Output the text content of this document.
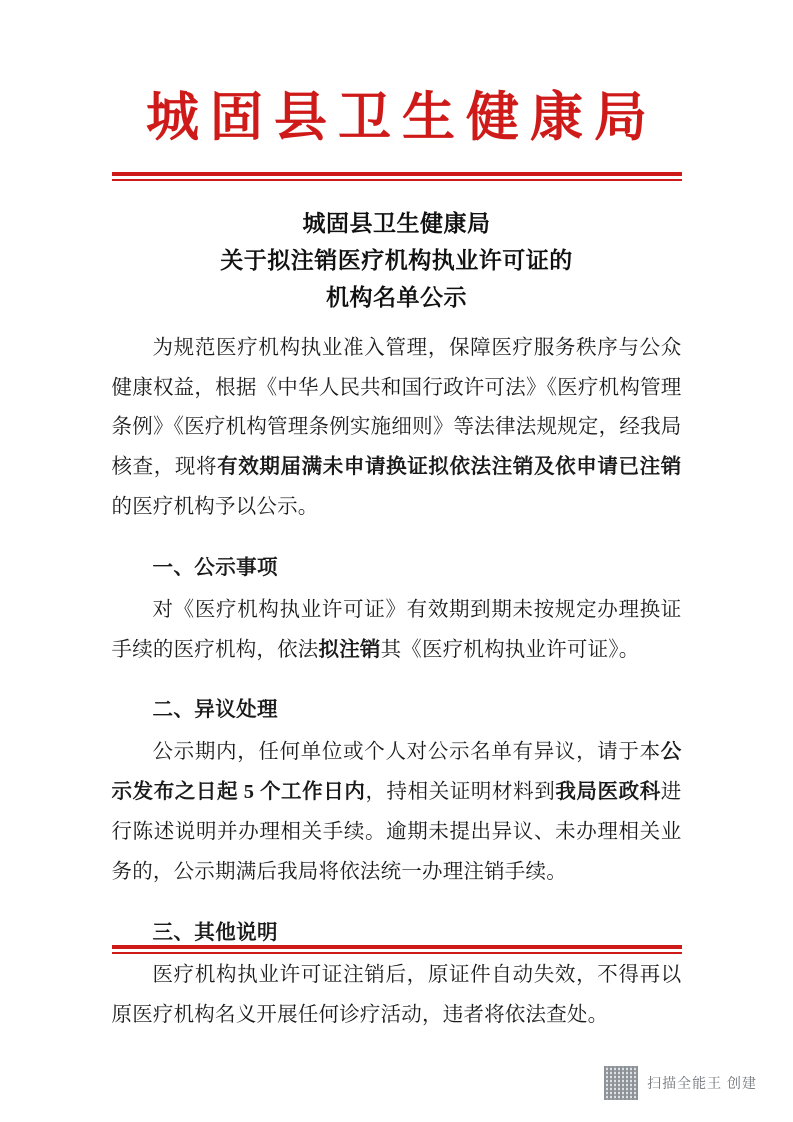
城固县卫生健康局
城固县卫生健康局
关于拟注销医疗机构执业许可证的
机构名单公示

为规范医疗机构执业准入管理，保障医疗服务秩序与公众健康权益，根据《中华人民共和国行政许可法》《医疗机构管理条例》《医疗机构管理条例实施细则》等法律法规规定，经我局核查，现将有效期届满未申请换证拟依法注销及依申请已注销的医疗机构予以公示。

一、公示事项

对《医疗机构执业许可证》有效期到期未按规定办理换证手续的医疗机构，依法拟注销其《医疗机构执业许可证》。

二、异议处理

公示期内，任何单位或个人对公示名单有异议，请于本公示发布之日起 5 个工作日内，持相关证明材料到我局医政科进行陈述说明并办理相关手续。逾期未提出异议、未办理相关业务的，公示期满后我局将依法统一办理注销手续。

三、其他说明

医疗机构执业许可证注销后，原证件自动失效，不得再以原医疗机构名义开展任何诊疗活动，违者将依法查处。

扫描全能王 创建
